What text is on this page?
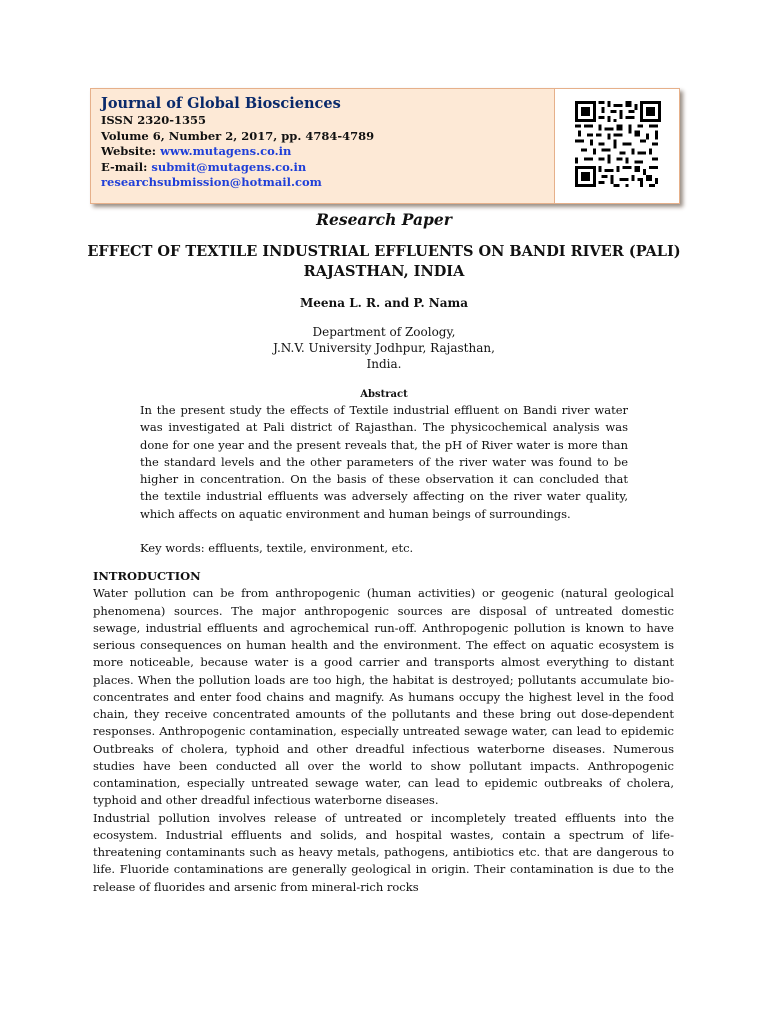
Journal of Global Biosciences
ISSN 2320-1355
Volume 6, Number 2, 2017, pp. 4784-4789
Website: www.mutagens.co.in
E-mail: submit@mutagens.co.in
researchsubmission@hotmail.com
Research Paper
EFFECT OF TEXTILE INDUSTRIAL EFFLUENTS ON BANDI RIVER (PALI)
RAJASTHAN, INDIA
Meena L. R. and P. Nama
Department of Zoology,
J.N.V. University Jodhpur, Rajasthan,
India.
Abstract
In the present study the effects of Textile industrial effluent on Bandi river water was investigated at Pali district of Rajasthan. The physicochemical analysis was done for one year and the present reveals that, the pH of River water is more than the standard levels and the other parameters of the river water was found to be higher in concentration. On the basis of these observation it can concluded that the textile industrial effluents was adversely affecting on the river water quality, which affects on aquatic environment and human beings of surroundings.
Key words: effluents, textile, environment, etc.

INTRODUCTION

Water pollution can be from anthropogenic (human activities) or geogenic (natural geological phenomena) sources. The major anthropogenic sources are disposal of untreated domestic sewage, industrial effluents and agrochemical run-off. Anthropogenic pollution is known to have serious consequences on human health and the environment. The effect on aquatic ecosystem is more noticeable, because water is a good carrier and transports almost everything to distant places. When the pollution loads are too high, the habitat is destroyed; pollutants accumulate bio-concentrates and enter food chains and magnify. As humans occupy the highest level in the food chain, they receive concentrated amounts of the pollutants and these bring out dose-dependent responses. Anthropogenic contamination, especially untreated sewage water, can lead to epidemic Outbreaks of cholera, typhoid and other dreadful infectious waterborne diseases. Numerous studies have been conducted all over the world to show pollutant impacts. Anthropogenic contamination, especially untreated sewage water, can lead to epidemic outbreaks of cholera, typhoid and other dreadful infectious waterborne diseases.

Industrial pollution involves release of untreated or incompletely treated effluents into the ecosystem. Industrial effluents and solids, and hospital wastes, contain a spectrum of life-threatening contaminants such as heavy metals, pathogens, antibiotics etc. that are dangerous to life. Fluoride contaminations are generally geological in origin. Their contamination is due to the release of fluorides and arsenic from mineral-rich rocks
